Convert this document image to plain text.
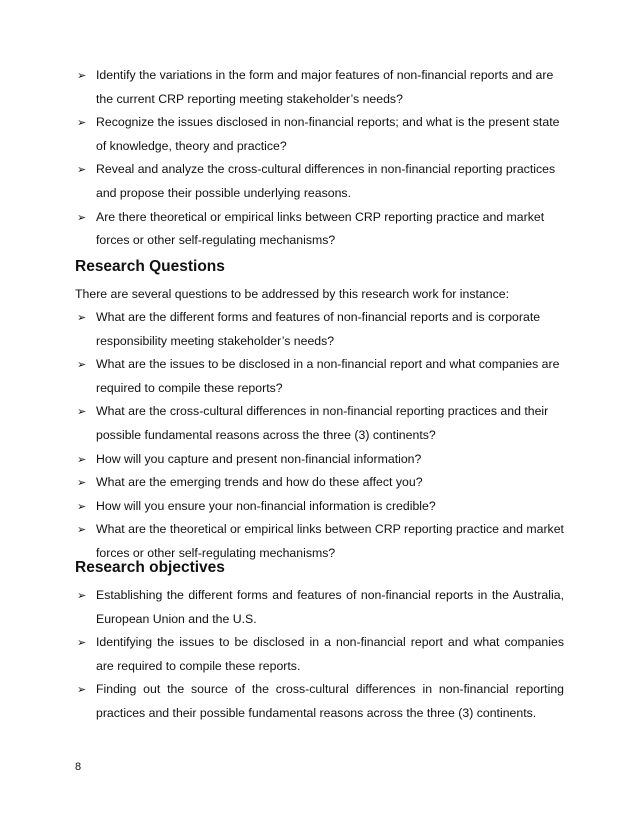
➢ Identify the variations in the form and major features of non-financial reports and are the current CRP reporting meeting stakeholder’s needs?
➢ Recognize the issues disclosed in non-financial reports; and what is the present state of knowledge, theory and practice?
➢ Reveal and analyze the cross-cultural differences in non-financial reporting practices and propose their possible underlying reasons.
➢ Are there theoretical or empirical links between CRP reporting practice and market forces or other self-regulating mechanisms?
Research Questions

There are several questions to be addressed by this research work for instance:

➢ What are the different forms and features of non-financial reports and is corporate responsibility meeting stakeholder’s needs?
➢ What are the issues to be disclosed in a non-financial report and what companies are required to compile these reports?
➢ What are the cross-cultural differences in non-financial reporting practices and their possible fundamental reasons across the three (3) continents?
➢ How will you capture and present non-financial information?
➢ What are the emerging trends and how do these affect you?
➢ How will you ensure your non-financial information is credible?
➢ What are the theoretical or empirical links between CRP reporting practice and market forces or other self-regulating mechanisms?
Research objectives
➢ Establishing the different forms and features of non-financial reports in the Australia, European Union and the U.S.
➢ Identifying the issues to be disclosed in a non-financial report and what companies are required to compile these reports.
➢ Finding out the source of the cross-cultural differences in non-financial reporting practices and their possible fundamental reasons across the three (3) continents.
8
